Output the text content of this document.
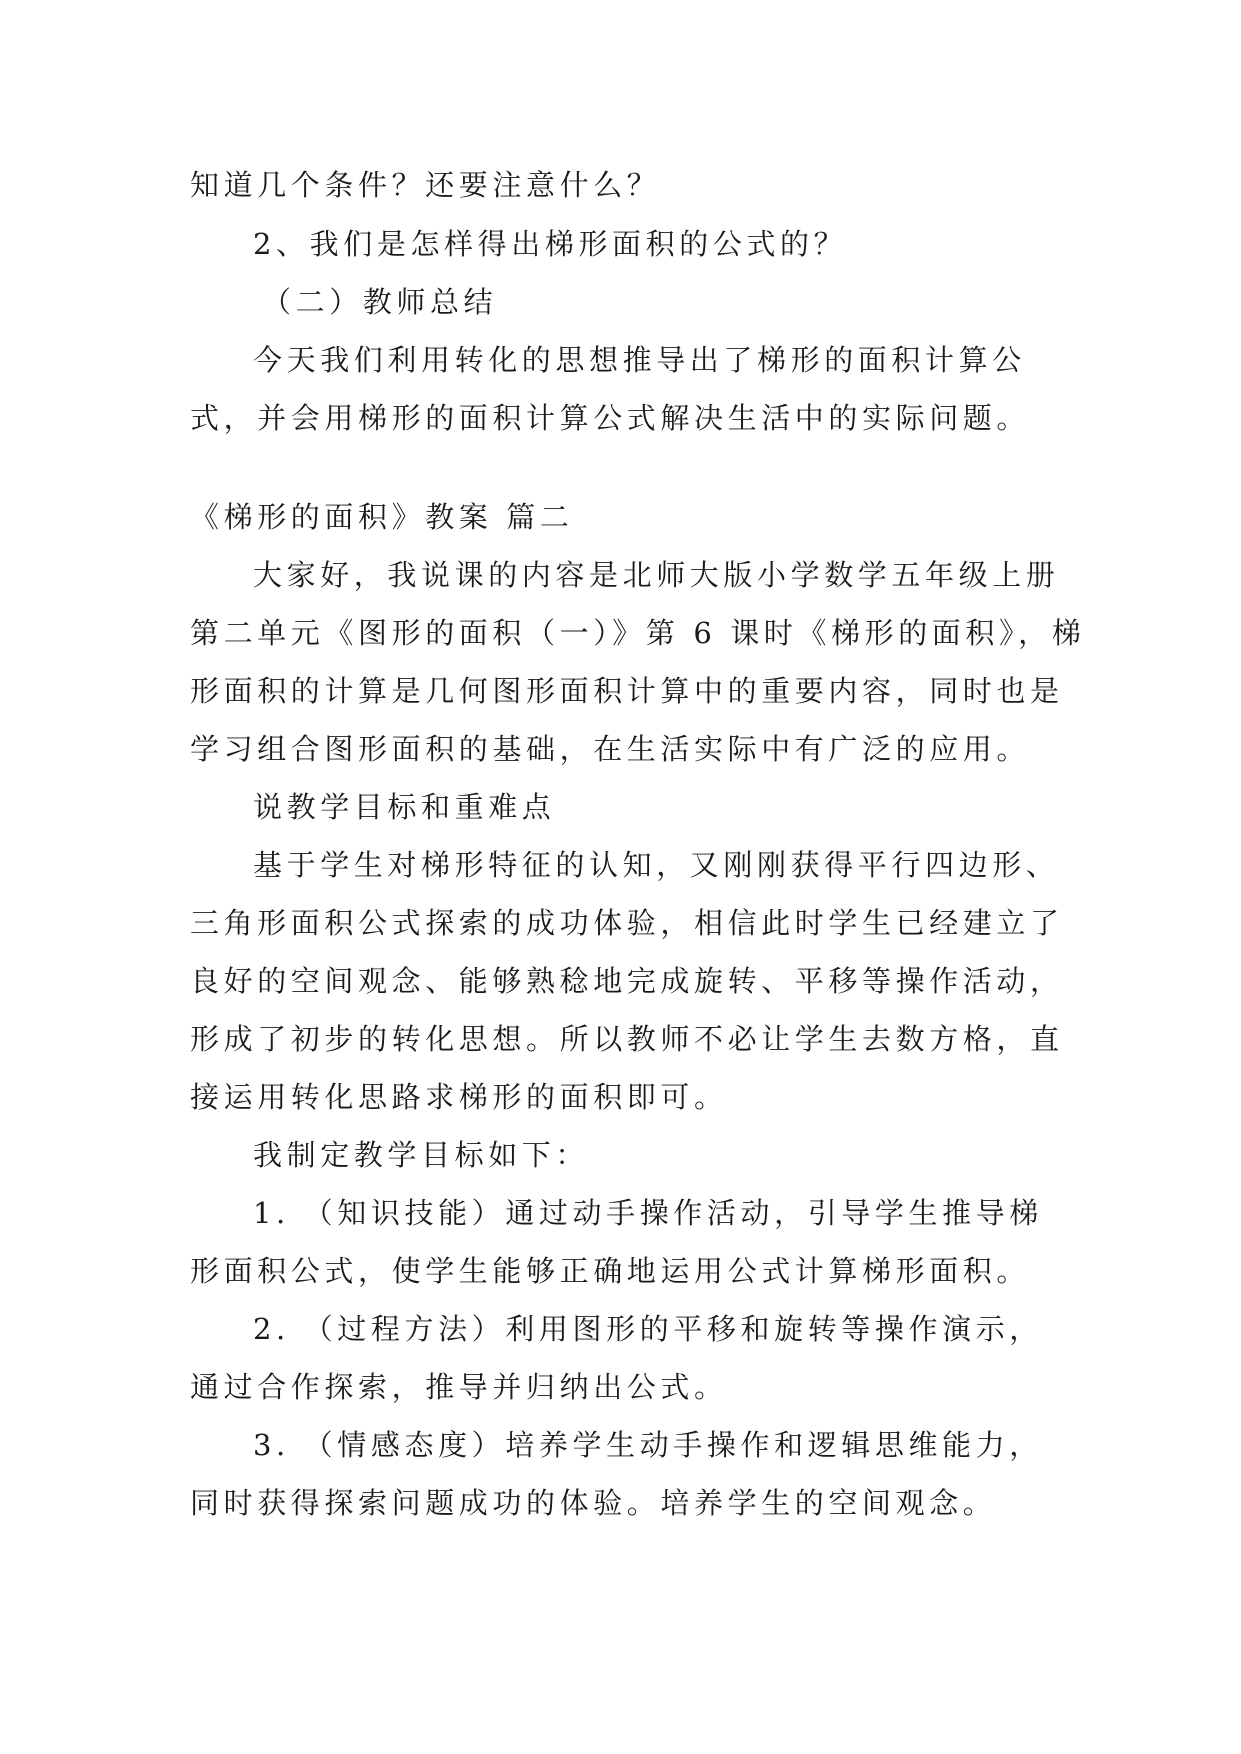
知道几个条件？还要注意什么？
2、我们是怎样得出梯形面积的公式的？
（二）教师总结
今天我们利用转化的思想推导出了梯形的面积计算公
式，并会用梯形的面积计算公式解决生活中的实际问题。
《梯形的面积》教案 篇二
大家好，我说课的内容是北师大版小学数学五年级上册
第二单元《图形的面积（一）》第 6 课时《梯形的面积》，梯
形面积的计算是几何图形面积计算中的重要内容，同时也是
学习组合图形面积的基础，在生活实际中有广泛的应用。
说教学目标和重难点
基于学生对梯形特征的认知，又刚刚获得平行四边形、
三角形面积公式探索的成功体验，相信此时学生已经建立了
良好的空间观念、能够熟稔地完成旋转、平移等操作活动，
形成了初步的转化思想。所以教师不必让学生去数方格，直
接运用转化思路求梯形的面积即可。
我制定教学目标如下：
1. （知识技能）通过动手操作活动，引导学生推导梯
形面积公式，使学生能够正确地运用公式计算梯形面积。
2. （过程方法）利用图形的平移和旋转等操作演示，
通过合作探索，推导并归纳出公式。
3. （情感态度）培养学生动手操作和逻辑思维能力，
同时获得探索问题成功的体验。培养学生的空间观念。
